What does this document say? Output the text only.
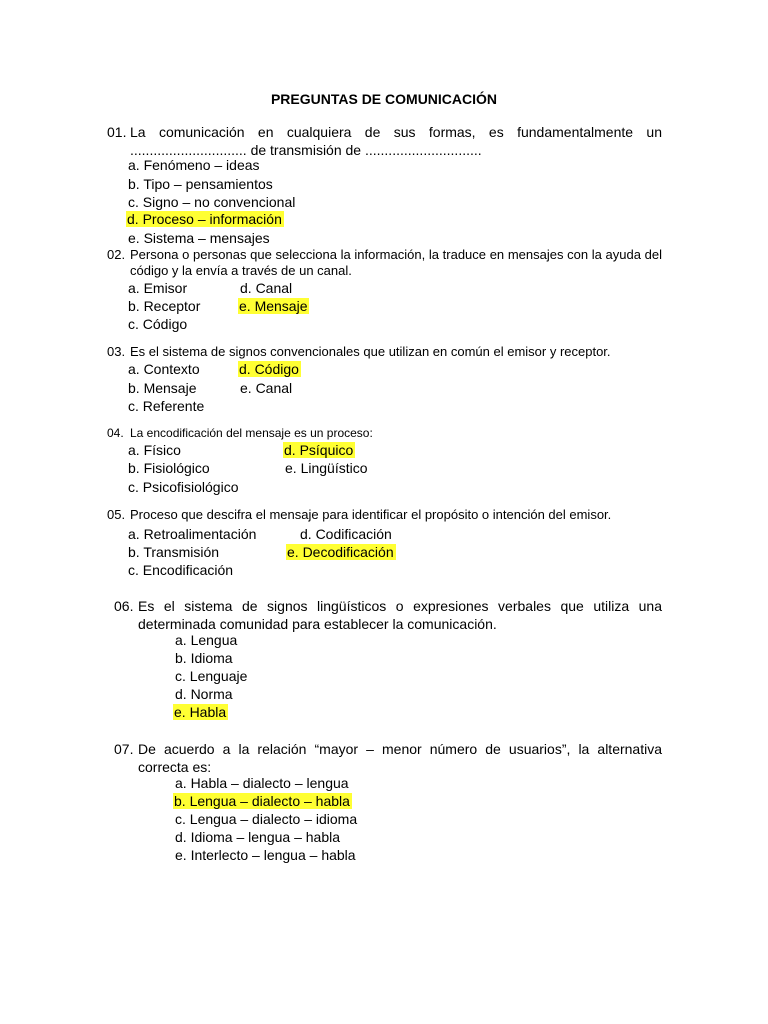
PREGUNTAS DE COMUNICACIÓN
01. La comunicación en cualquiera de sus formas, es fundamentalmente un .............................. de transmisión de ..............................
a. Fenómeno – ideas
b. Tipo – pensamientos
c. Signo – no convencional
d. Proceso – información
e. Sistema – mensajes
02. Persona o personas que selecciona la información, la traduce en mensajes con la ayuda del código y la envía a través de un canal.
a. Emisor
b. Receptor
c. Código
d. Canal
e. Mensaje
03. Es el sistema de signos convencionales que utilizan en común el emisor y receptor.
a. Contexto
b. Mensaje
c. Referente
d. Código
e. Canal
04. La encodificación del mensaje es un proceso:
a. Físico
b. Fisiológico
c. Psicofisiológico
d. Psíquico
e. Lingüístico
05. Proceso que descifra el mensaje para identificar el propósito o intención del emisor.
a. Retroalimentación
b. Transmisión
c. Encodificación
d. Codificación
e. Decodificación
06. Es el sistema de signos lingüísticos o expresiones verbales que utiliza una determinada comunidad para establecer la comunicación.
a. Lengua
b. Idioma
c. Lenguaje
d. Norma
e. Habla
07. De acuerdo a la relación “mayor – menor número de usuarios”, la alternativa correcta es:
a. Habla – dialecto – lengua
b. Lengua – dialecto – habla
c. Lengua – dialecto – idioma
d. Idioma – lengua – habla
e. Interlecto – lengua – habla
